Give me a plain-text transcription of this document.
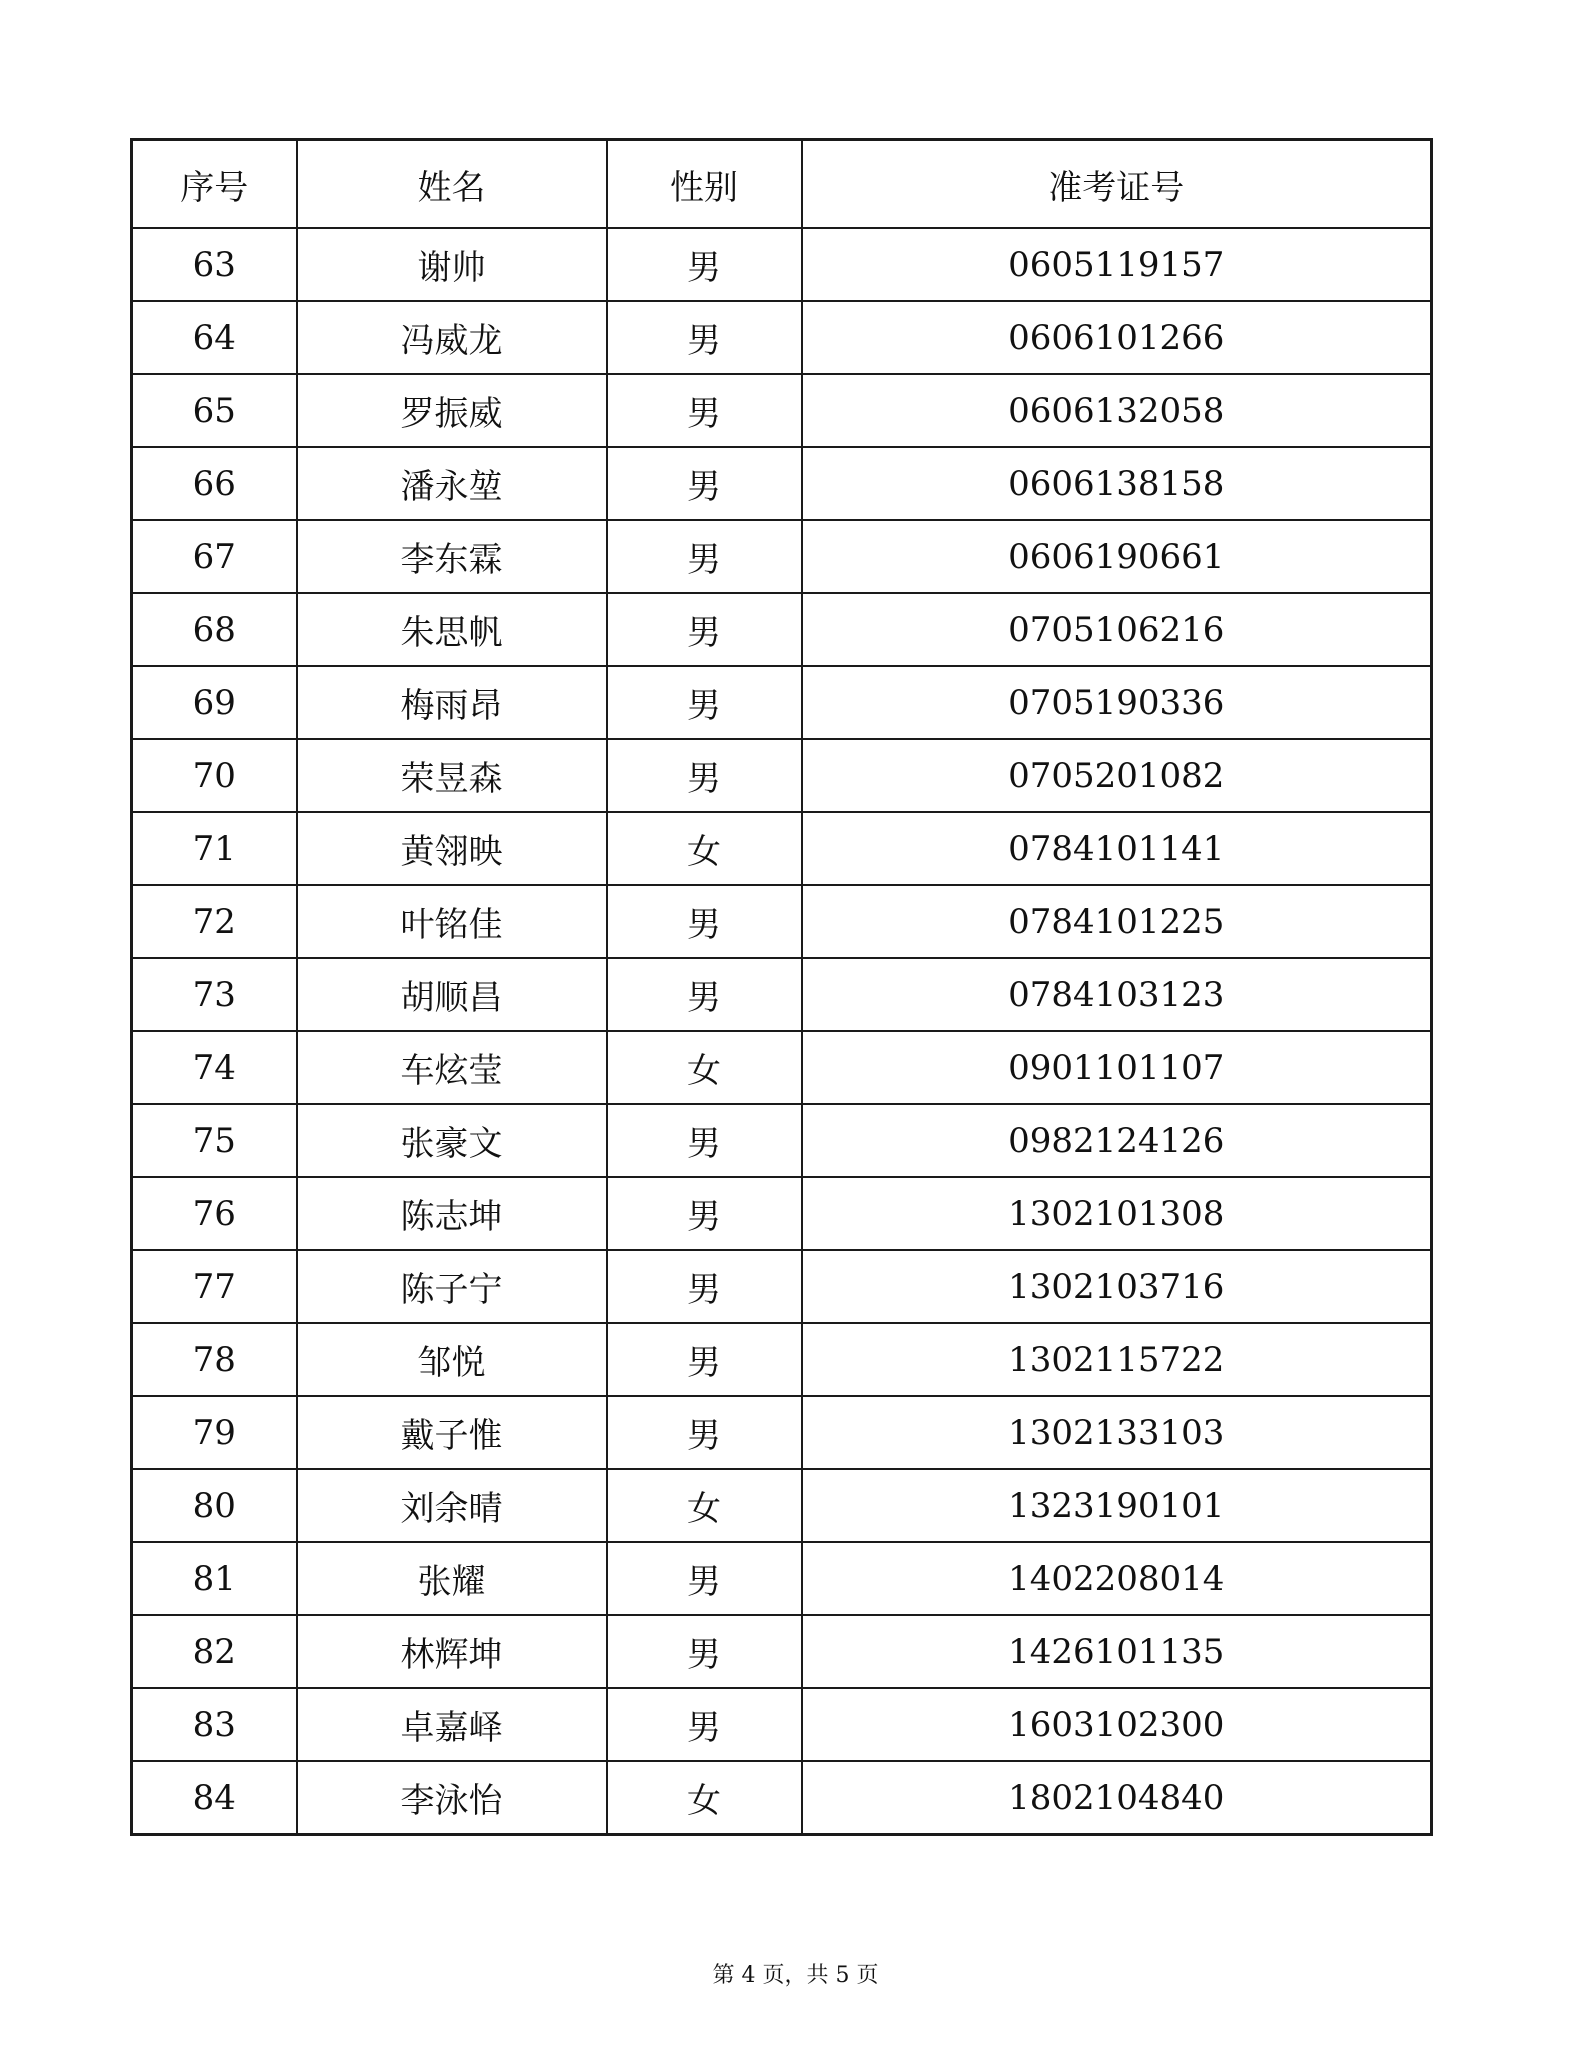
序号	姓名	性别	准考证号
63	谢帅	男	0605119157
64	冯威龙	男	0606101266
65	罗振威	男	0606132058
66	潘永堃	男	0606138158
67	李东霖	男	0606190661
68	朱思帆	男	0705106216
69	梅雨昂	男	0705190336
70	荣昱森	男	0705201082
71	黄翎映	女	0784101141
72	叶铭佳	男	0784101225
73	胡顺昌	男	0784103123
74	车炫莹	女	0901101107
75	张豪文	男	0982124126
76	陈志坤	男	1302101308
77	陈子宁	男	1302103716
78	邹悦	男	1302115722
79	戴子惟	男	1302133103
80	刘余晴	女	1323190101
81	张耀	男	1402208014
82	林辉坤	男	1426101135
83	卓嘉峄	男	1603102300
84	李泳怡	女	1802104840
第 4 页，共 5 页
